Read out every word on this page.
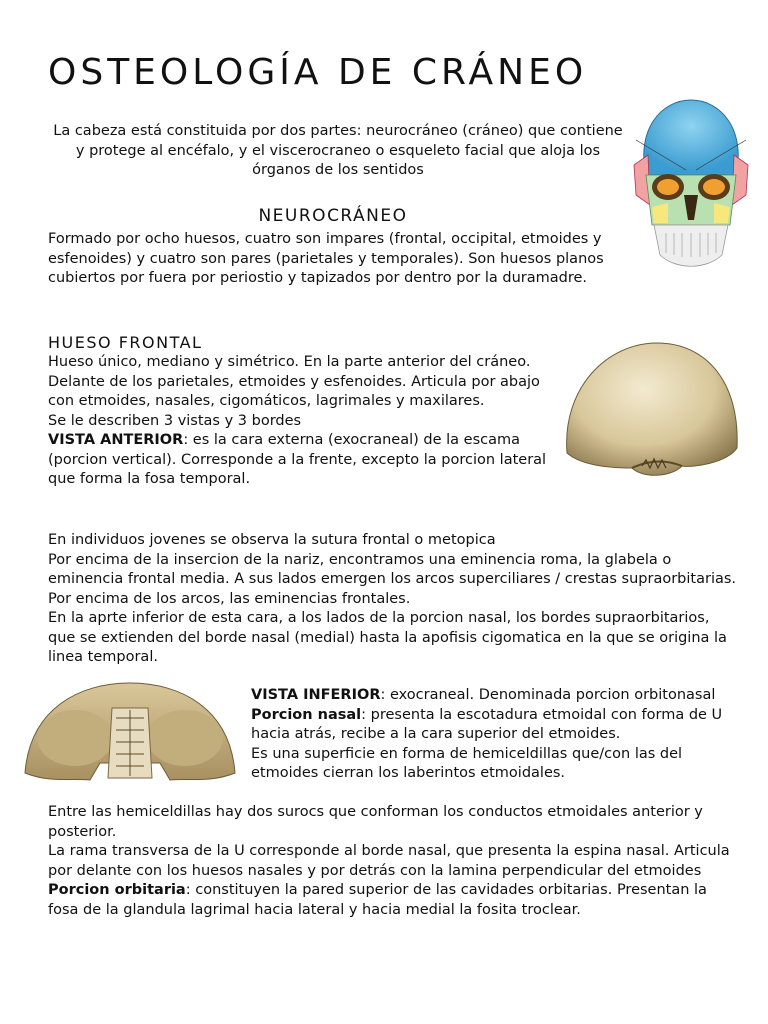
OSTEOLOGÍA DE CRÁNEO

La cabeza está constituida por dos partes: neurocráneo (cráneo) que contiene y protege al encéfalo, y el viscerocraneo o esqueleto facial que aloja los órganos de los sentidos

NEUROCRÁNEO

Formado por ocho huesos, cuatro son impares (frontal, occipital, etmoides y esfenoides) y cuatro son pares (parietales y temporales). Son huesos planos cubiertos por fuera por periostio y tapizados por dentro por la duramadre.

HUESO FRONTAL
Hueso único, mediano y simétrico. En la parte anterior del cráneo. Delante de los parietales, etmoides y esfenoides. Articula por abajo con etmoides, nasales, cigomáticos, lagrimales y maxilares.
Se le describen 3 vistas y 3 bordes
VISTA ANTERIOR: es la cara externa (exocraneal) de la escama (porcion vertical). Corresponde a la frente, excepto la porcion lateral que forma la fosa temporal.
En individuos jovenes se observa la sutura frontal o metopica
Por encima de la insercion de la nariz, encontramos una eminencia roma, la glabela o eminencia frontal media. A sus lados emergen los arcos superciliares / crestas supraorbitarias.
Por encima de los arcos, las eminencias frontales.
En la aprte inferior de esta cara, a los lados de la porcion nasal, los bordes supraorbitarios, que se extienden del borde nasal (medial) hasta la apofisis cigomatica en la que se origina la linea temporal.
VISTA INFERIOR: exocraneal. Denominada porcion orbitonasal
Porcion nasal: presenta la escotadura etmoidal con forma de U hacia atrás, recibe a la cara superior del etmoides.
Es una superficie en forma de hemiceldillas que/con las del etmoides cierran los laberintos etmoidales.
Entre las hemiceldillas hay dos surocs que conforman los conductos etmoidales anterior y posterior.
La rama transversa de la U corresponde al borde nasal, que presenta la espina nasal. Articula por delante con los huesos nasales y por detrás con la lamina perpendicular del etmoides
Porcion orbitaria: constituyen la pared superior de las cavidades orbitarias. Presentan la fosa de la glandula lagrimal hacia lateral y hacia medial la fosita troclear.
